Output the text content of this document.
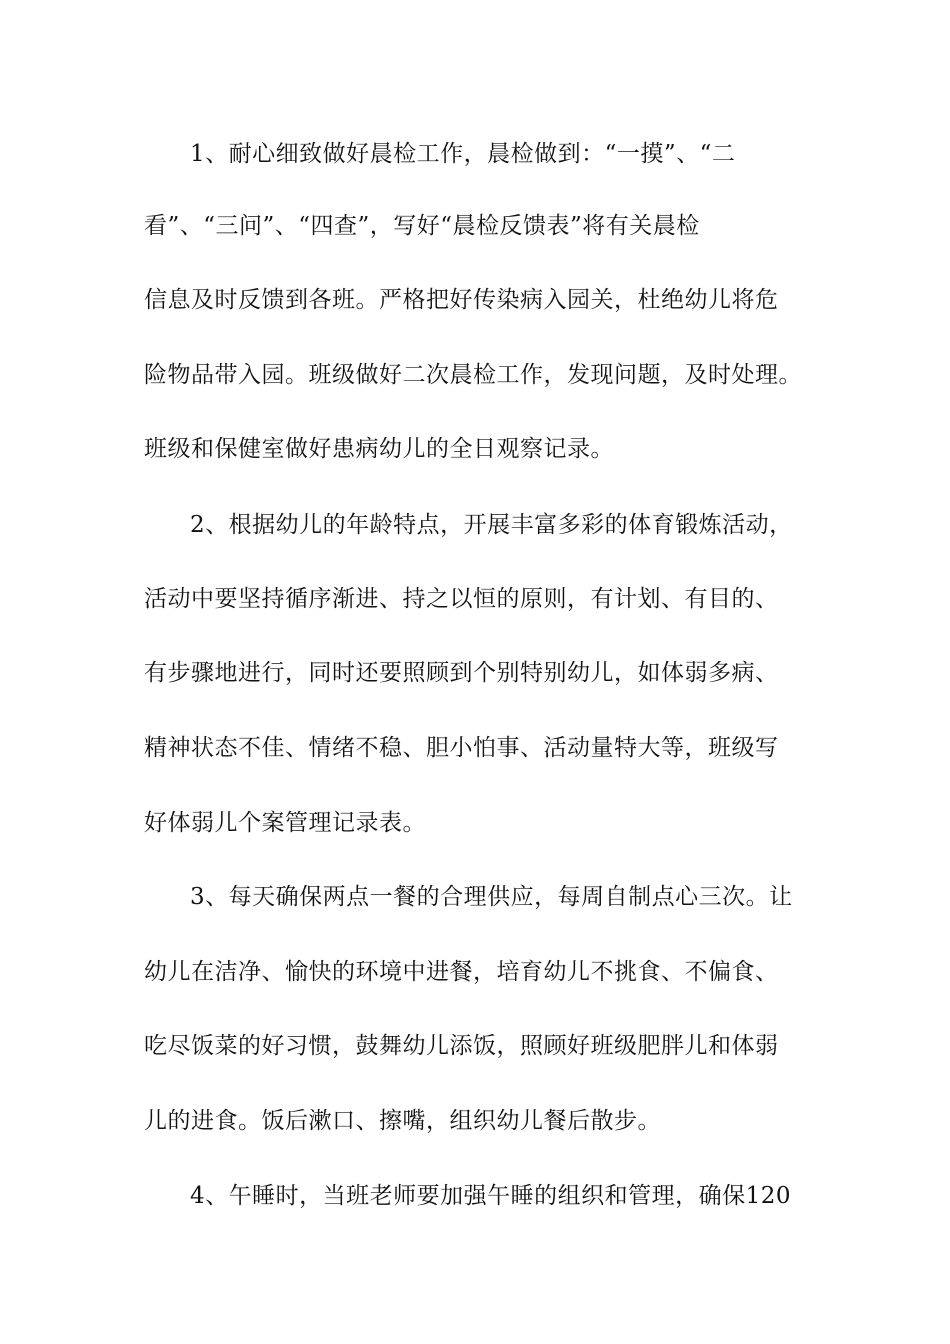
1、耐心细致做好晨检工作，晨检做到：“一摸”、“二
看”、“三问”、“四查”，写好“晨检反馈表”将有关晨检
信息及时反馈到各班。严格把好传染病入园关，杜绝幼儿将危
险物品带入园。班级做好二次晨检工作，发现问题，及时处理。
班级和保健室做好患病幼儿的全日观察记录。
2、根据幼儿的年龄特点，开展丰富多彩的体育锻炼活动，
活动中要坚持循序渐进、持之以恒的原则，有计划、有目的、
有步骤地进行，同时还要照顾到个别特别幼儿，如体弱多病、
精神状态不佳、情绪不稳、胆小怕事、活动量特大等，班级写
好体弱儿个案管理记录表。
3、每天确保两点一餐的合理供应，每周自制点心三次。让
幼儿在洁净、愉快的环境中进餐，培育幼儿不挑食、不偏食、
吃尽饭菜的好习惯，鼓舞幼儿添饭，照顾好班级肥胖儿和体弱
儿的进食。饭后漱口、擦嘴，组织幼儿餐后散步。
4、午睡时，当班老师要加强午睡的组织和管理，确保120
